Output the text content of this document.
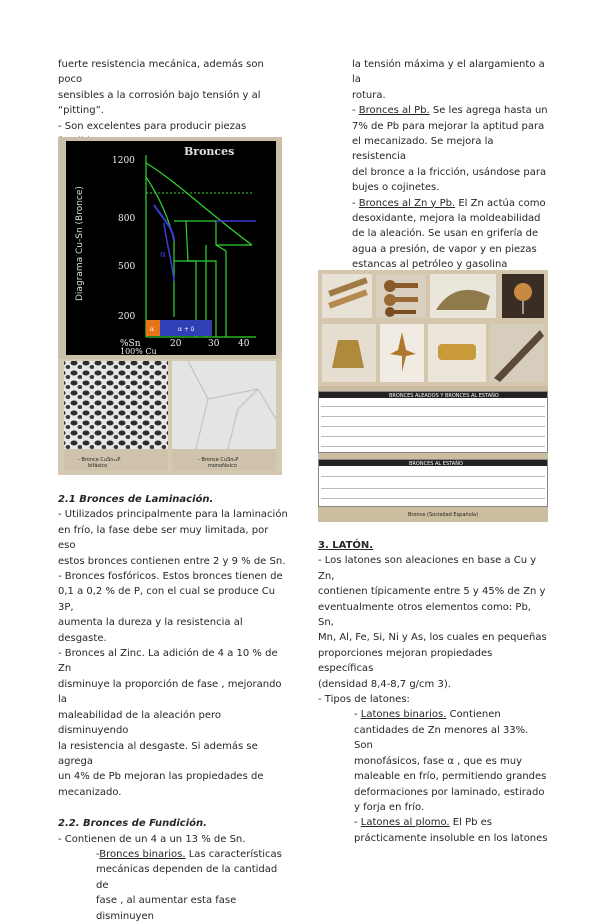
fuerte resistencia mecánica, además son poco

sensibles a la corrosión bajo tensión y al

“pitting”.

- Son excelentes para producir piezas

Bronces
Diagrama Cu-Sn (Bronce)
1200
800
500
200
α
α	α + δ
%Sn	20	30 40
100% Cu
- Bronce CuSn₁₂P
bifásico
- Bronce CuSn₆P
monofásico

2.1 Bronces de Laminación.

- Utilizados principalmente para la laminación

en frío, la fase debe ser muy limitada, por eso

estos bronces contienen entre 2 y 9 % de Sn.

- Bronces fosfóricos. Estos bronces tienen de

0,1 a 0,2 % de P, con el cual se produce Cu 3P,

aumenta la dureza y la resistencia al desgaste.

- Bronces al Zinc. La adición de 4 a 10 % de Zn

disminuye la proporción de fase , mejorando la

maleabilidad de la aleación pero disminuyendo

la resistencia al desgaste. Si además se agrega

un 4% de Pb mejoran las propiedades de

mecanizado.

2.2. Bronces de Fundición.

- Contienen de un 4 a un 13 % de Sn.

-Bronces binarios. Las características

mecánicas dependen de la cantidad de

fase , al aumentar esta fase disminuyen

la tensión máxima y el alargamiento a la

rotura.

- Bronces al Pb. Se les agrega hasta un

7% de Pb para mejorar la aptitud para

el mecanizado. Se mejora la resistencia

del bronce a la fricción, usándose para

bujes o cojinetes.

- Bronces al Zn y Pb. El Zn actúa como

desoxidante, mejora la moldeabilidad

de la aleación. Se usan en grifería de

agua a presión, de vapor y en piezas

estancas al petróleo y gasolina

BRONCES ALEADOS Y BRONCES AL ESTAÑO
BRONCES AL ESTAÑO
Bronce (Sociedad Española)

3. LATÓN.

- Los latones son aleaciones en base a Cu y Zn,

contienen típicamente entre 5 y 45% de Zn y

eventualmente otros elementos como: Pb, Sn,

Mn, Al, Fe, Si, Ni y As, los cuales en pequeñas

proporciones mejoran propiedades específicas

(densidad 8,4-8,7 g/cm 3).

- Tipos de latones:

- Latones binarios. Contienen

cantidades de Zn menores al 33%. Son

monofásicos, fase α , que es muy

maleable en frío, permitiendo grandes

deformaciones por laminado, estirado

y forja en frío.

- Latones al plomo. El Pb es

prácticamente insoluble en los latones
